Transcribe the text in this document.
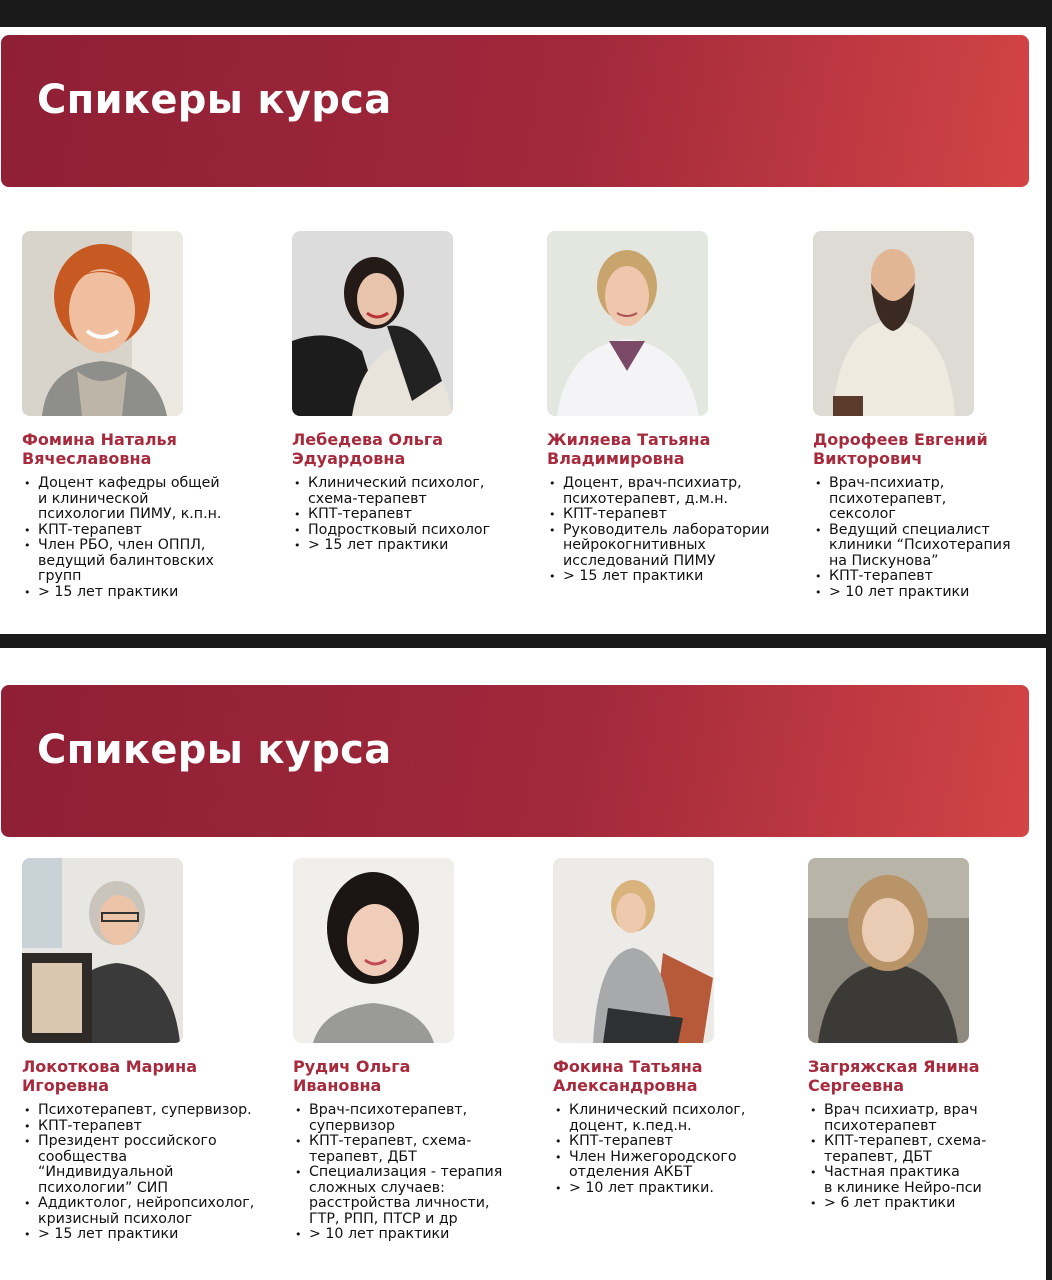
Спикеры курса
Фомина Наталья
Вячеславовна
• Доцент кафедры общей
и клинической
психологии ПИМУ, к.п.н.
• КПТ-терапевт
• Член РБО, член ОППЛ,
ведущий балинтовских
групп
• > 15 лет практики
Лебедева Ольга
Эдуардовна
• Клинический психолог,
схема-терапевт
• КПТ-терапевт
• Подростковый психолог
• > 15 лет практики
Жиляева Татьяна
Владимировна
• Доцент, врач-психиатр,
психотерапевт, д.м.н.
• КПТ-терапевт
• Руководитель лаборатории
нейрокогнитивных
исследований ПИМУ
• > 15 лет практики
Дорофеев Евгений
Викторович
• Врач-психиатр,
психотерапевт,
сексолог
• Ведущий специалист
клиники “Психотерапия
на Пискунова”
• КПТ-терапевт
• > 10 лет практики
Спикеры курса
Локоткова Марина
Игоревна
• Психотерапевт, супервизор.
• КПТ-терапевт
• Президент российского
сообщества
“Индивидуальной
психологии” СИП
• Аддиктолог, нейропсихолог,
кризисный психолог
• > 15 лет практики
Рудич Ольга
Ивановна
• Врач-психотерапевт,
супервизор
• КПТ-терапевт, схема-
терапевт, ДБТ
• Специализация - терапия
сложных случаев:
расстройства личности,
ГТР, РПП, ПТСР и др
• > 10 лет практики
Фокина Татьяна
Александровна
• Клинический психолог,
доцент, к.пед.н.
• КПТ-терапевт
• Член Нижегородского
отделения АКБТ
• > 10 лет практики.
Загряжская Янина
Сергеевна
• Врач психиатр, врач
психотерапевт
• КПТ-терапевт, схема-
терапевт, ДБТ
• Частная практика
в клинике Нейро-пси
• > 6 лет практики
